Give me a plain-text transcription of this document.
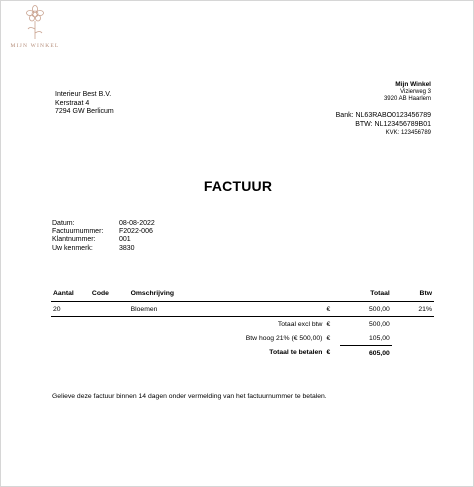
MIJN WINKEL
Interieur Best B.V.
Kerstraat 4
7294 GW Berlicum
Mijn Winkel
Vizierweg 3
3920 AB Haarlem
Bank: NL63RABO0123456789
BTW: NL123456789B01
KVK: 123456789
FACTUUR
Datum:	08-08-2022
Factuurnummer:	F2022-006
Klantnummer:	001
Uw kenmerk:	3830
Aantal	Code	Omschrijving		Totaal	Btw
20		Bloemen	€	500,00	21%
Totaal excl btw			€	500,00	
Btw hoog 21% (€ 500,00)			€	105,00	
Totaal te betalen			€	605,00	
Gelieve deze factuur binnen 14 dagen onder vermelding van het factuurnummer te betalen.
